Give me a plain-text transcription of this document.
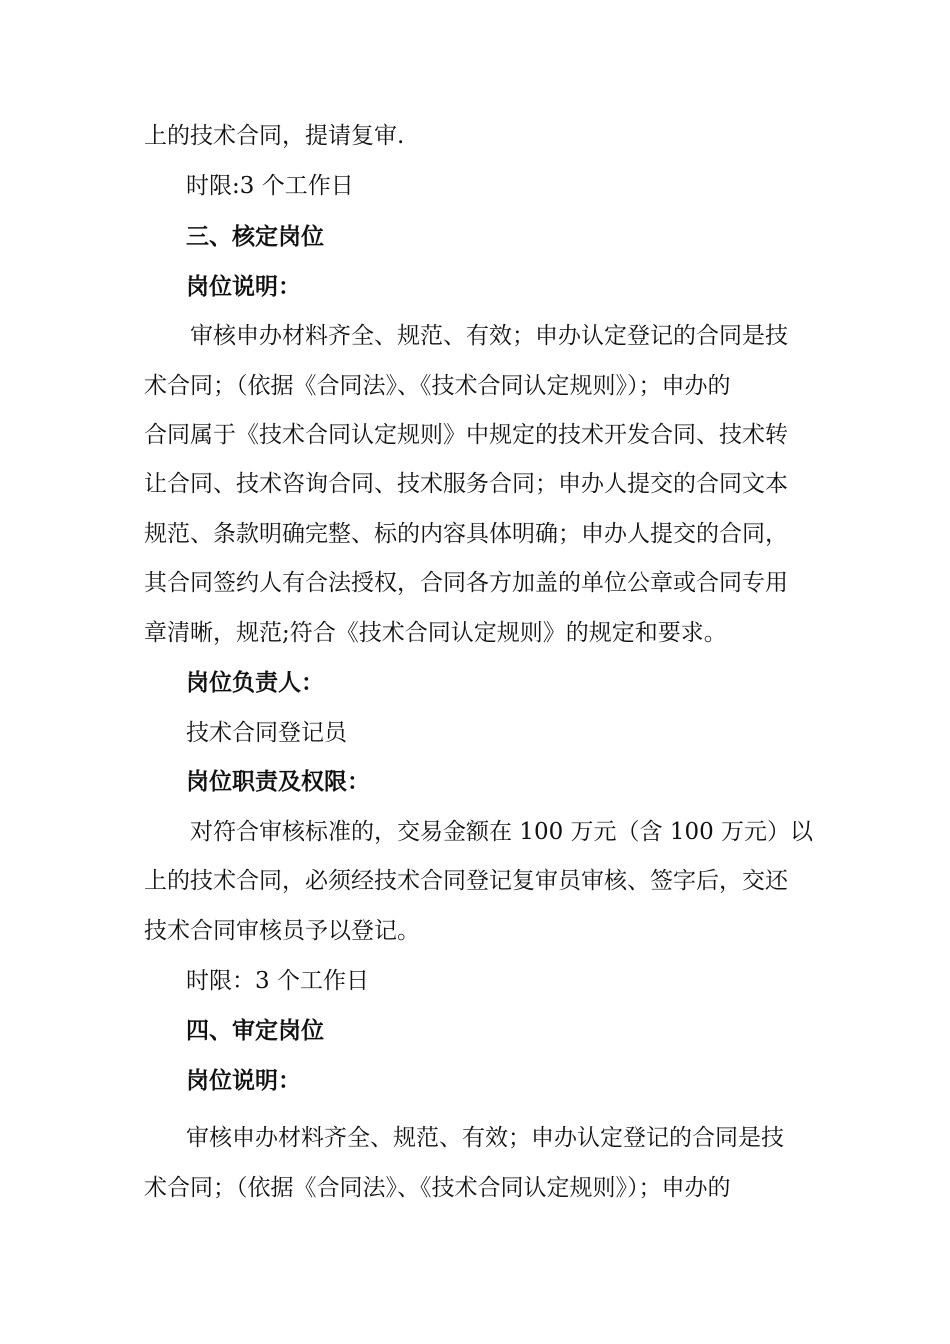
上的技术合同，提请复审.
时限:3 个工作日
三、核定岗位
岗位说明：
审核申办材料齐全、规范、有效；申办认定登记的合同是技
术合同；（依据《合同法》、《技术合同认定规则》）；申办的
合同属于《技术合同认定规则》中规定的技术开发合同、技术转
让合同、技术咨询合同、技术服务合同；申办人提交的合同文本
规范、条款明确完整、标的内容具体明确；申办人提交的合同，
其合同签约人有合法授权，合同各方加盖的单位公章或合同专用
章清晰，规范;符合《技术合同认定规则》的规定和要求。
岗位负责人：
技术合同登记员
岗位职责及权限：
对符合审核标准的，交易金额在 100 万元（含 100 万元）以
上的技术合同，必须经技术合同登记复审员审核、签字后，交还
技术合同审核员予以登记。
时限：3 个工作日
四、审定岗位
岗位说明：
审核申办材料齐全、规范、有效；申办认定登记的合同是技
术合同；（依据《合同法》、《技术合同认定规则》）；申办的
